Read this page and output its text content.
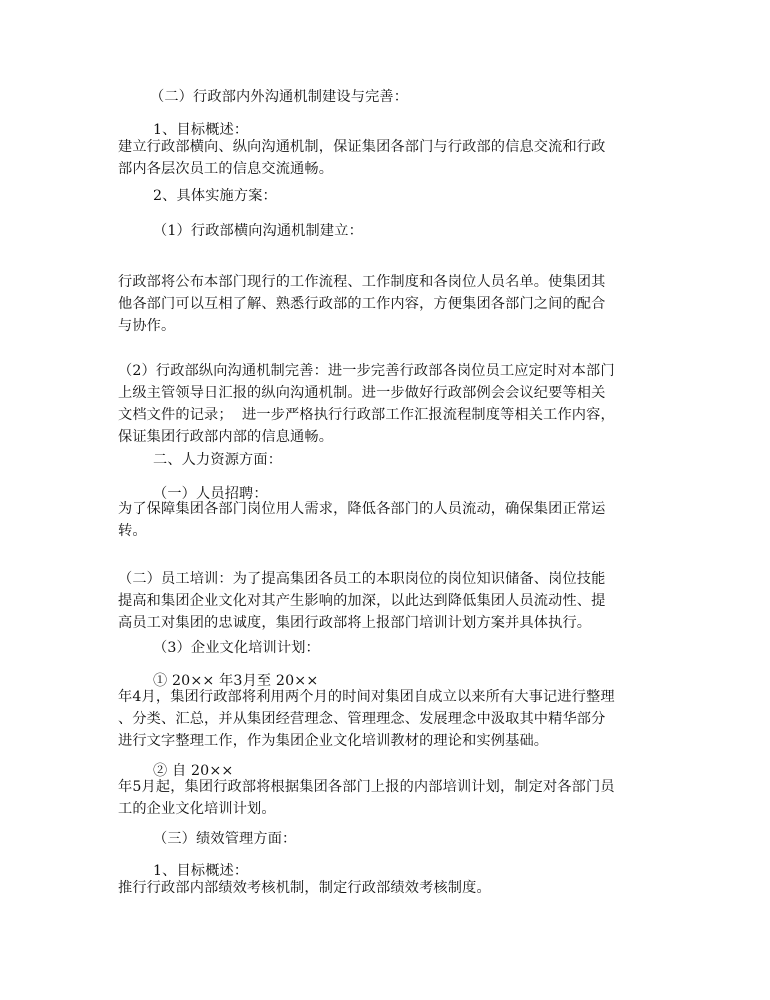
（二）行政部内外沟通机制建设与完善：

1、目标概述：

建立行政部横向、纵向沟通机制，保证集团各部门与行政部的信息交流和行政
部内各层次员工的信息交流通畅。

2、具体实施方案：

（1）行政部横向沟通机制建立：

行政部将公布本部门现行的工作流程、工作制度和各岗位人员名单。使集团其
他各部门可以互相了解、熟悉行政部的工作内容，方便集团各部门之间的配合
与协作。

（2）行政部纵向沟通机制完善：进一步完善行政部各岗位员工应定时对本部门
上级主管领导日汇报的纵向沟通机制。进一步做好行政部例会会议纪要等相关
文档文件的记录；  进一步严格执行行政部工作汇报流程制度等相关工作内容，
保证集团行政部内部的信息通畅。

二、人力资源方面：

（一）人员招聘：

为了保障集团各部门岗位用人需求，降低各部门的人员流动，确保集团正常运
转。

（二）员工培训：为了提高集团各员工的本职岗位的岗位知识储备、岗位技能
提高和集团企业文化对其产生影响的加深，以此达到降低集团人员流动性、提
高员工对集团的忠诚度，集团行政部将上报部门培训计划方案并具体执行。

（3）企业文化培训计划：

① 20×× 年3月至 20××

年4月，集团行政部将利用两个月的时间对集团自成立以来所有大事记进行整理
、分类、汇总，并从集团经营理念、管理理念、发展理念中汲取其中精华部分
进行文字整理工作，作为集团企业文化培训教材的理论和实例基础。

② 自 20××

年5月起，集团行政部将根据集团各部门上报的内部培训计划，制定对各部门员
工的企业文化培训计划。

（三）绩效管理方面：

1、目标概述：

推行行政部内部绩效考核机制，制定行政部绩效考核制度。
